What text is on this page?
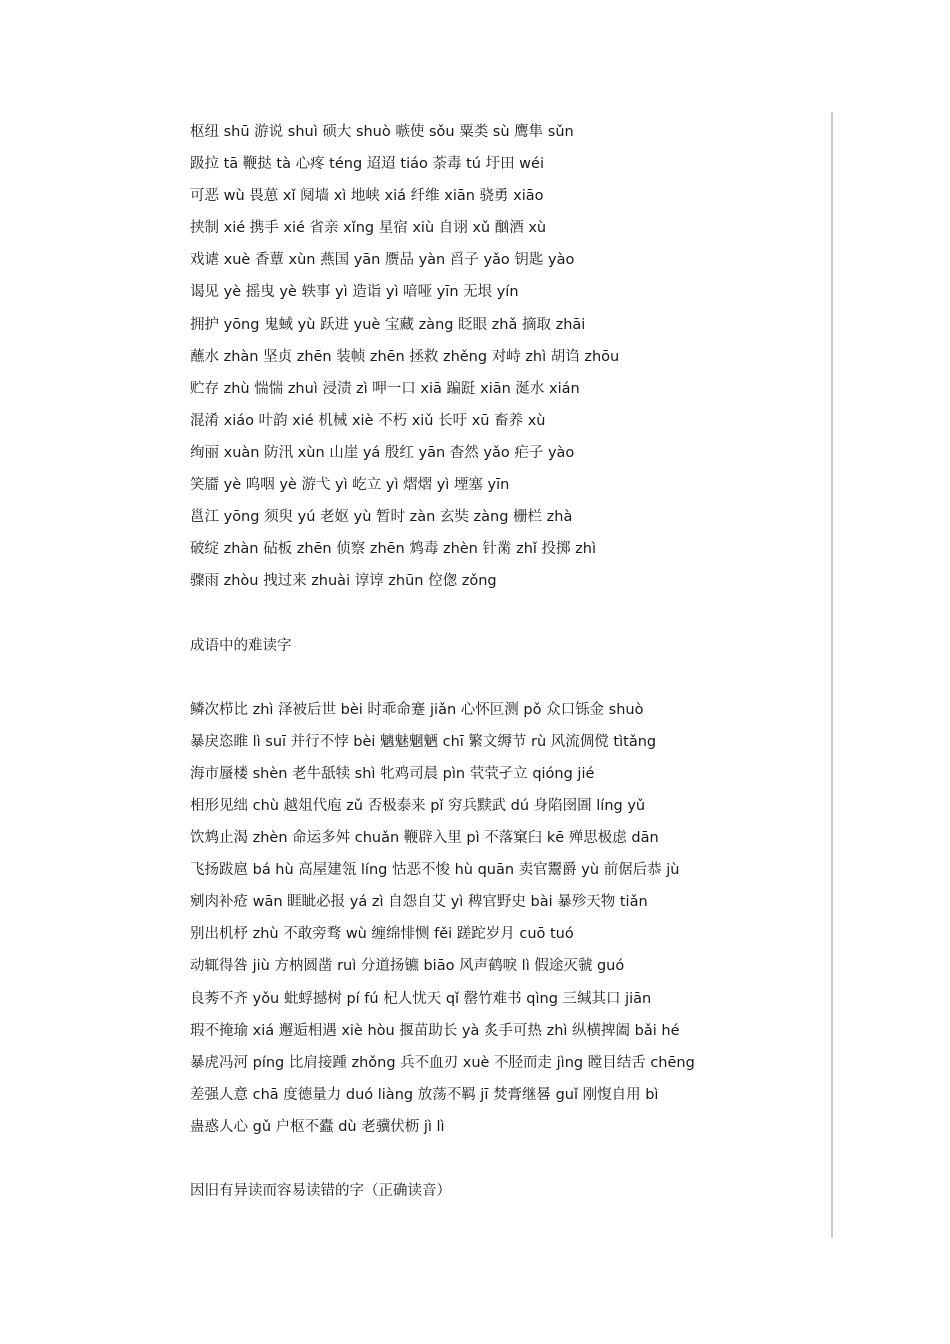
枢纽 shū 游说 shuì 硕大 shuò 嗾使 sǒu 粟类 sù 鹰隼 sǔn
趿拉 tā 鞭挞 tà 心疼 téng 迢迢 tiáo 荼毒 tú 圩田 wéi
可恶 wù 畏葸 xǐ 阋墙 xì 地峡 xiá 纤维 xiān 骁勇 xiāo
挟制 xié 携手 xié 省亲 xǐng 星宿 xiù 自诩 xǔ 酗酒 xù
戏谑 xuè 香蕈 xùn 燕国 yān 赝品 yàn 舀子 yǎo 钥匙 yào
谒见 yè 摇曳 yè 轶事 yì 造诣 yì 喑哑 yīn 无垠 yín
拥护 yōng 鬼蜮 yù 跃进 yuè 宝藏 zàng 眨眼 zhǎ 摘取 zhāi
蘸水 zhàn 坚贞 zhēn 装帧 zhēn 拯救 zhěng 对峙 zhì 胡诌 zhōu
贮存 zhù 惴惴 zhuì 浸渍 zì 呷一口 xiā 蹁跹 xiān 涎水 xián
混淆 xiáo 叶韵 xié 机械 xiè 不朽 xiǔ 长吁 xū 畜养 xù
绚丽 xuàn 防汛 xùn 山崖 yá 殷红 yān 杳然 yǎo 疟子 yào
笑靥 yè 呜咽 yè 游弋 yì 屹立 yì 熠熠 yì 堙塞 yīn
邕江 yōng 须臾 yú 老妪 yù 暂时 zàn 玄奘 zàng 栅栏 zhà
破绽 zhàn 砧板 zhēn 侦察 zhēn 鸩毒 zhèn 针黹 zhǐ 投掷 zhì
骤雨 zhòu 拽过来 zhuài 谆谆 zhūn 倥偬 zǒng
成语中的难读字
鳞次栉比 zhì 泽被后世 bèi 时乖命蹇 jiǎn 心怀叵测 pǒ 众口铄金 shuò
暴戾恣睢 lì suī 并行不悖 bèi 魑魅魍魉 chī 繁文缛节 rù 风流倜傥 tìtǎng
海市蜃楼 shèn 老牛舐犊 shì 牝鸡司晨 pìn 茕茕孑立 qióng jié
相形见绌 chù 越俎代庖 zǔ 否极泰来 pǐ 穷兵黩武 dú 身陷囹圄 líng yǔ
饮鸩止渴 zhèn 命运多舛 chuǎn 鞭辟入里 pì 不落窠臼 kē 殚思极虑 dān
飞扬跋扈 bá hù 高屋建瓴 líng 怙恶不悛 hù quān 卖官鬻爵 yù 前倨后恭 jù
剜肉补疮 wān 睚眦必报 yá zì 自怨自艾 yì 稗官野史 bài 暴殄天物 tiǎn
别出机杼 zhù 不敢旁骛 wù 缠绵悱恻 fěi 蹉跎岁月 cuō tuó
动辄得咎 jiù 方枘圆凿 ruì 分道扬镳 biāo 风声鹤唳 lì 假途灭虢 guó
良莠不齐 yǒu 蚍蜉撼树 pí fú 杞人忧天 qǐ 罄竹难书 qìng 三缄其口 jiān
瑕不掩瑜 xiá 邂逅相遇 xiè hòu 揠苗助长 yà 炙手可热 zhì 纵横捭阖 bǎi hé
暴虎冯河 píng 比肩接踵 zhǒng 兵不血刃 xuè 不胫而走 jìng 瞠目结舌 chēng
差强人意 chā 度德量力 duó liàng 放荡不羁 jī 焚膏继晷 guǐ 刚愎自用 bì
蛊惑人心 gǔ 户枢不蠹 dù 老骥伏枥 jì lì
因旧有异读而容易读错的字（正确读音）
